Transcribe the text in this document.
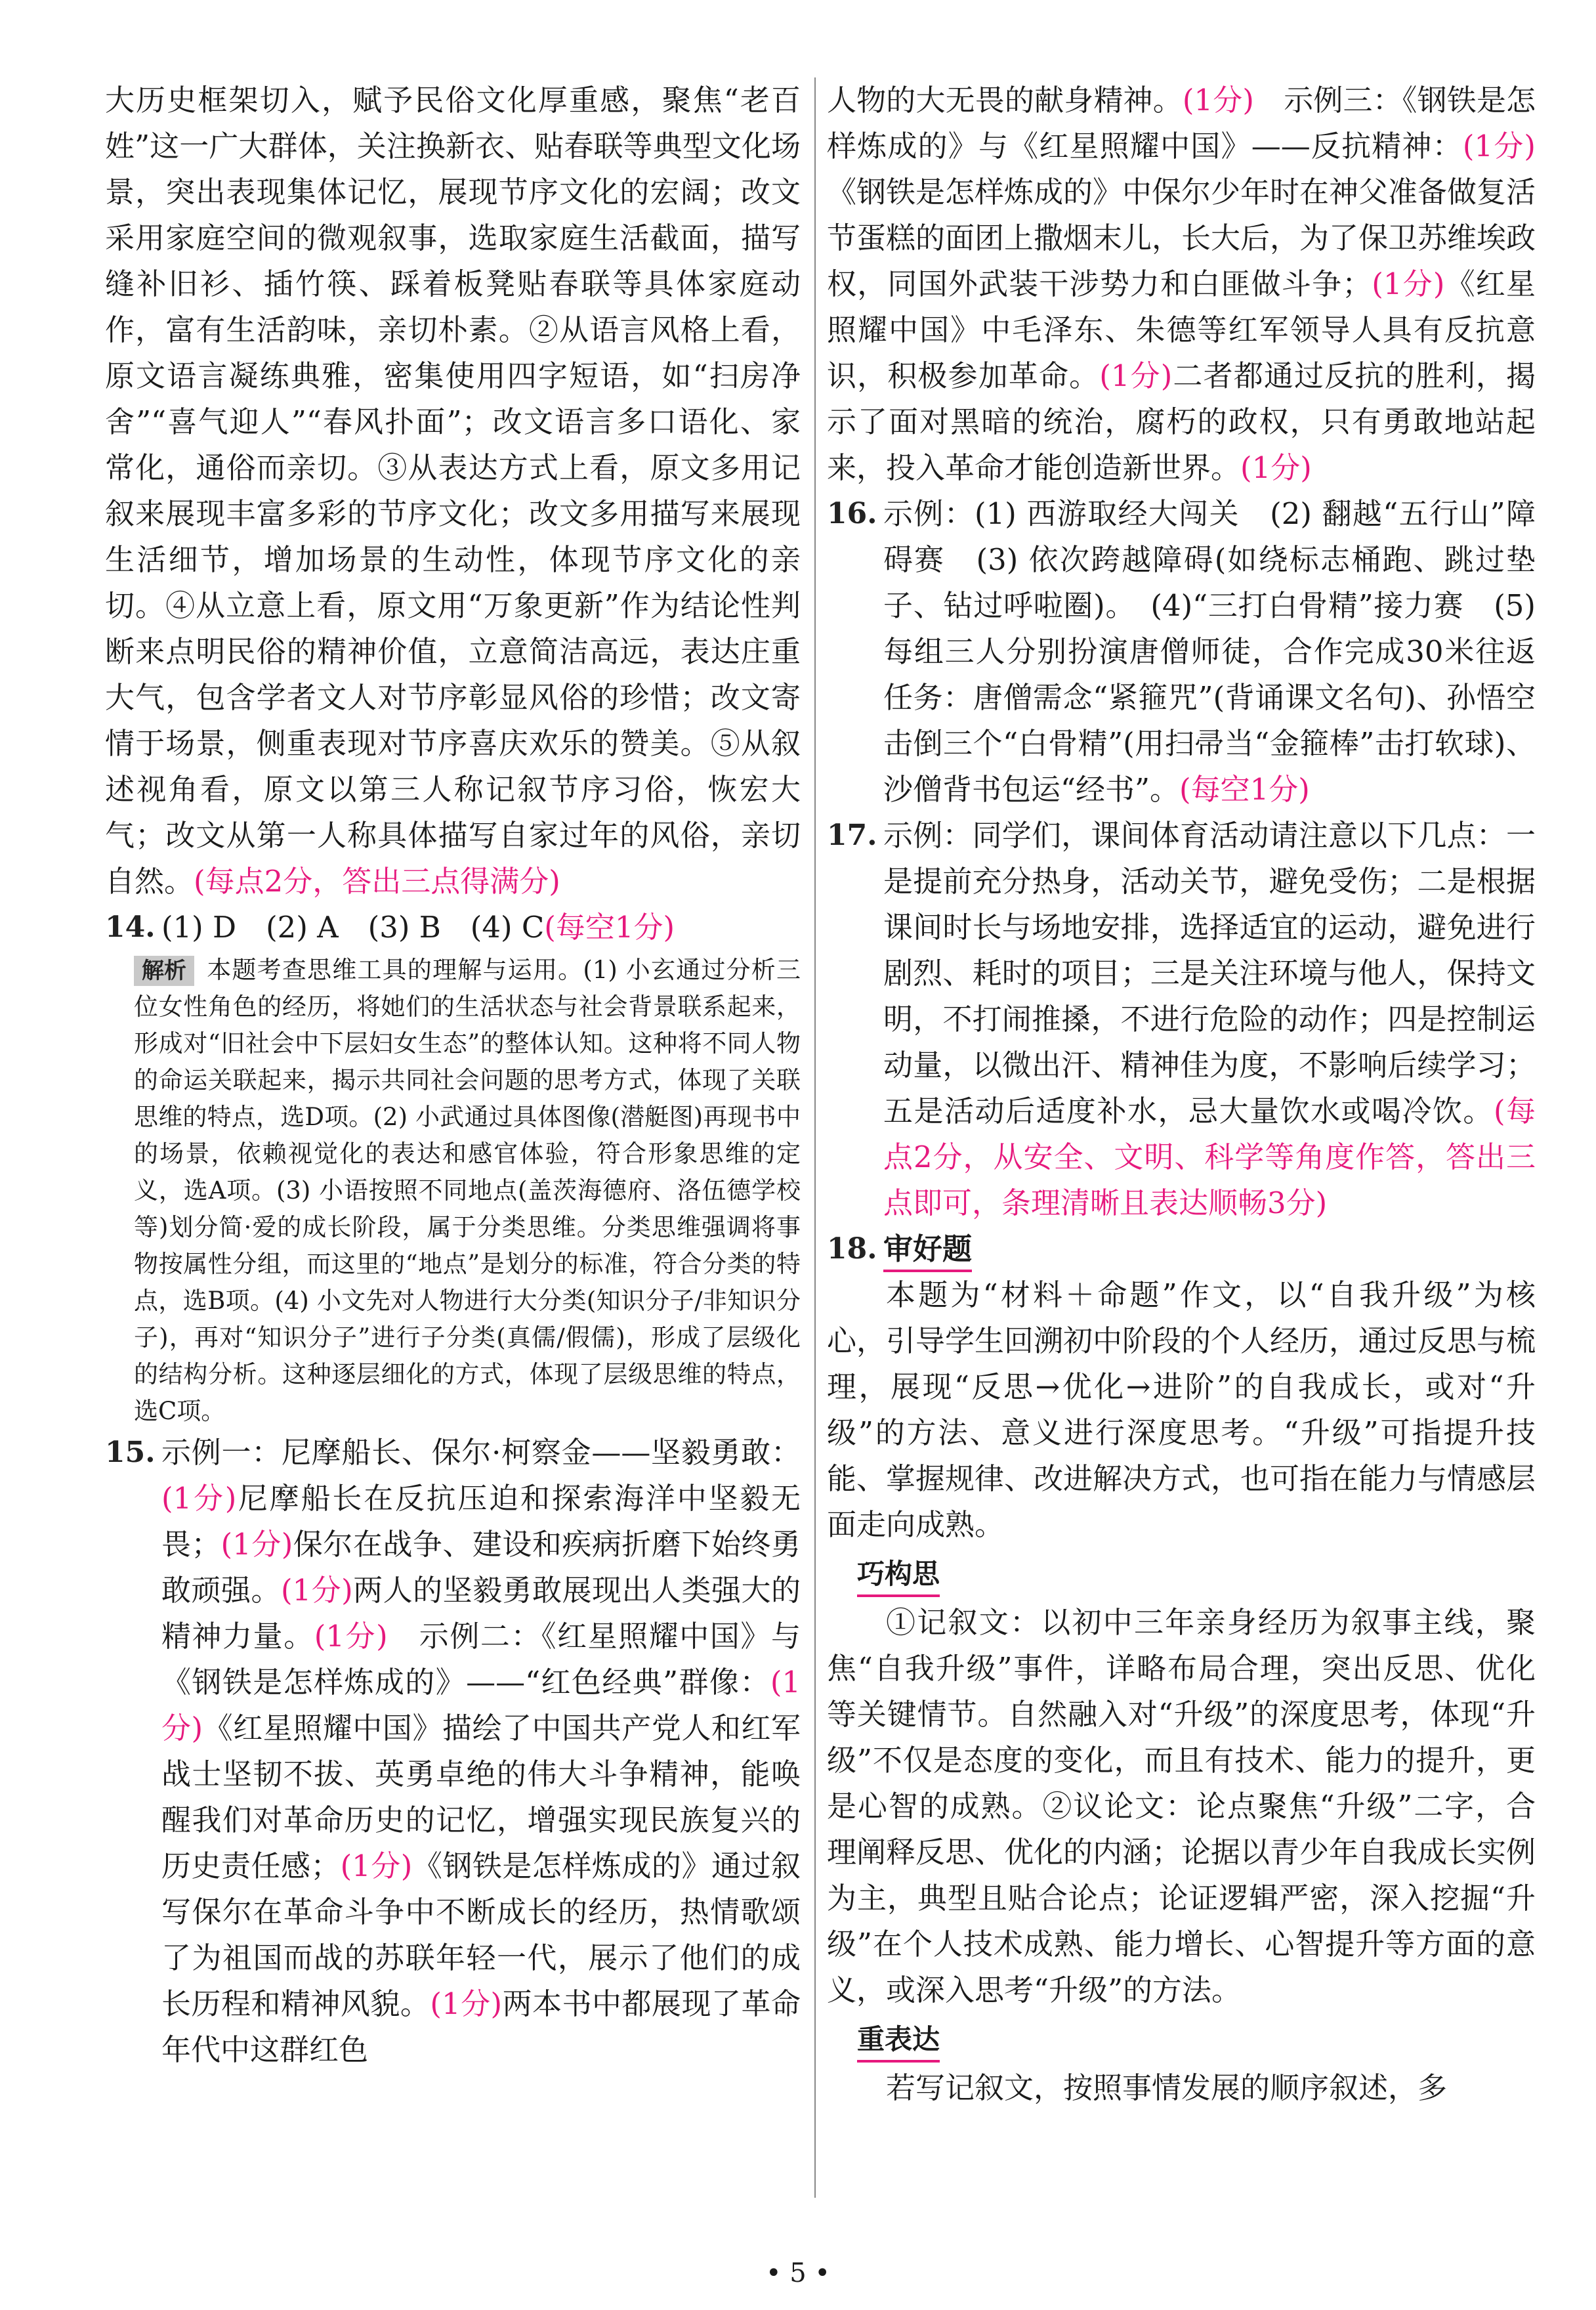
大历史框架切入，赋予民俗文化厚重感，聚焦“老百姓”这一广大群体，关注换新衣、贴春联等典型文化场景，突出表现集体记忆，展现节序文化的宏阔；改文采用家庭空间的微观叙事，选取家庭生活截面，描写缝补旧衫、插竹筷、踩着板凳贴春联等具体家庭动作，富有生活韵味，亲切朴素。②从语言风格上看，原文语言凝练典雅，密集使用四字短语，如“扫房净舍”“喜气迎人”“春风扑面”；改文语言多口语化、家常化，通俗而亲切。③从表达方式上看，原文多用记叙来展现丰富多彩的节序文化；改文多用描写来展现生活细节，增加场景的生动性，体现节序文化的亲切。④从立意上看，原文用“万象更新”作为结论性判断来点明民俗的精神价值，立意简洁高远，表达庄重大气，包含学者文人对节序彰显风俗的珍惜；改文寄情于场景，侧重表现对节序喜庆欢乐的赞美。⑤从叙述视角看，原文以第三人称记叙节序习俗，恢宏大气；改文从第一人称具体描写自家过年的风俗，亲切自然。(每点2分，答出三点得满分)

14. (1) D　(2) A　(3) B　(4) C(每空1分)

解析 本题考查思维工具的理解与运用。(1) 小玄通过分析三位女性角色的经历，将她们的生活状态与社会背景联系起来，形成对“旧社会中下层妇女生态”的整体认知。这种将不同人物的命运关联起来，揭示共同社会问题的思考方式，体现了关联思维的特点，选D项。(2) 小武通过具体图像(潜艇图)再现书中的场景，依赖视觉化的表达和感官体验，符合形象思维的定义，选A项。(3) 小语按照不同地点(盖茨海德府、洛伍德学校等)划分简·爱的成长阶段，属于分类思维。分类思维强调将事物按属性分组，而这里的“地点”是划分的标准，符合分类的特点，选B项。(4) 小文先对人物进行大分类(知识分子/非知识分子)，再对“知识分子”进行子分类(真儒/假儒)，形成了层级化的结构分析。这种逐层细化的方式，体现了层级思维的特点，选C项。

15. 示例一：尼摩船长、保尔·柯察金——坚毅勇敢：(1分)尼摩船长在反抗压迫和探索海洋中坚毅无畏；(1分)保尔在战争、建设和疾病折磨下始终勇敢顽强。(1分)两人的坚毅勇敢展现出人类强大的精神力量。(1分)　示例二：《红星照耀中国》与《钢铁是怎样炼成的》——“红色经典”群像：(1分)《红星照耀中国》描绘了中国共产党人和红军战士坚韧不拔、英勇卓绝的伟大斗争精神，能唤醒我们对革命历史的记忆，增强实现民族复兴的历史责任感；(1分)《钢铁是怎样炼成的》通过叙写保尔在革命斗争中不断成长的经历，热情歌颂了为祖国而战的苏联年轻一代，展示了他们的成长历程和精神风貌。(1分)两本书中都展现了革命年代中这群红色

人物的大无畏的献身精神。(1分)　示例三：《钢铁是怎样炼成的》与《红星照耀中国》——反抗精神：(1分)《钢铁是怎样炼成的》中保尔少年时在神父准备做复活节蛋糕的面团上撒烟末儿，长大后，为了保卫苏维埃政权，同国外武装干涉势力和白匪做斗争；(1分)《红星照耀中国》中毛泽东、朱德等红军领导人具有反抗意识，积极参加革命。(1分)二者都通过反抗的胜利，揭示了面对黑暗的统治，腐朽的政权，只有勇敢地站起来，投入革命才能创造新世界。(1分)

16. 示例：(1) 西游取经大闯关　(2) 翻越“五行山”障碍赛　(3) 依次跨越障碍(如绕标志桶跑、跳过垫子、钻过呼啦圈)。　(4)“三打白骨精”接力赛　(5) 每组三人分别扮演唐僧师徒，合作完成30米往返任务：唐僧需念“紧箍咒”(背诵课文名句)、孙悟空击倒三个“白骨精”(用扫帚当“金箍棒”击打软球)、沙僧背书包运“经书”。(每空1分)
17. 示例：同学们，课间体育活动请注意以下几点：一是提前充分热身，活动关节，避免受伤；二是根据课间时长与场地安排，选择适宜的运动，避免进行剧烈、耗时的项目；三是关注环境与他人，保持文明，不打闹推搡，不进行危险的动作；四是控制运动量，以微出汗、精神佳为度，不影响后续学习；五是活动后适度补水，忌大量饮水或喝冷饮。(每点2分，从安全、文明、科学等角度作答，答出三点即可，条理清晰且表达顺畅3分)
18. 审好题

本题为“材料＋命题”作文，以“自我升级”为核心，引导学生回溯初中阶段的个人经历，通过反思与梳理，展现“反思→优化→进阶”的自我成长，或对“升级”的方法、意义进行深度思考。“升级”可指提升技能、掌握规律、改进解决方式，也可指在能力与情感层面走向成熟。

巧构思

①记叙文：以初中三年亲身经历为叙事主线，聚焦“自我升级”事件，详略布局合理，突出反思、优化等关键情节。自然融入对“升级”的深度思考，体现“升级”不仅是态度的变化，而且有技术、能力的提升，更是心智的成熟。②议论文：论点聚焦“升级”二字，合理阐释反思、优化的内涵；论据以青少年自我成长实例为主，典型且贴合论点；论证逻辑严密，深入挖掘“升级”在个人技术成熟、能力增长、心智提升等方面的意义，或深入思考“升级”的方法。

重表达

若写记叙文，按照事情发展的顺序叙述，多

• 5 •
